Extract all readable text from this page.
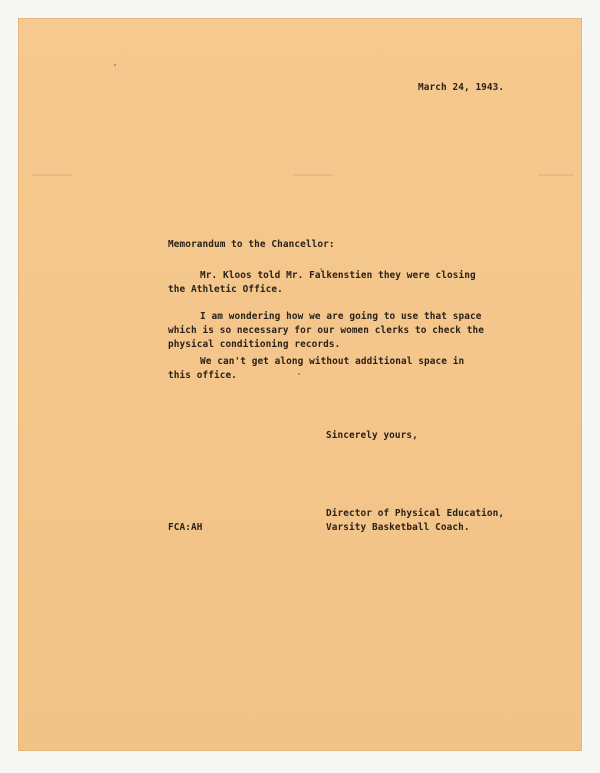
March 24, 1943.

Memorandum to the Chancellor:

Mr. Kloos told Mr. Falkenstien they were closing

the Athletic Office.

I am wondering how we are going to use that space

which is so necessary for our women clerks to check the

physical conditioning records.

We can't get along without additional space in

this office.

Sincerely yours,

FCA:AH

Director of Physical Education,

Varsity Basketball Coach.
